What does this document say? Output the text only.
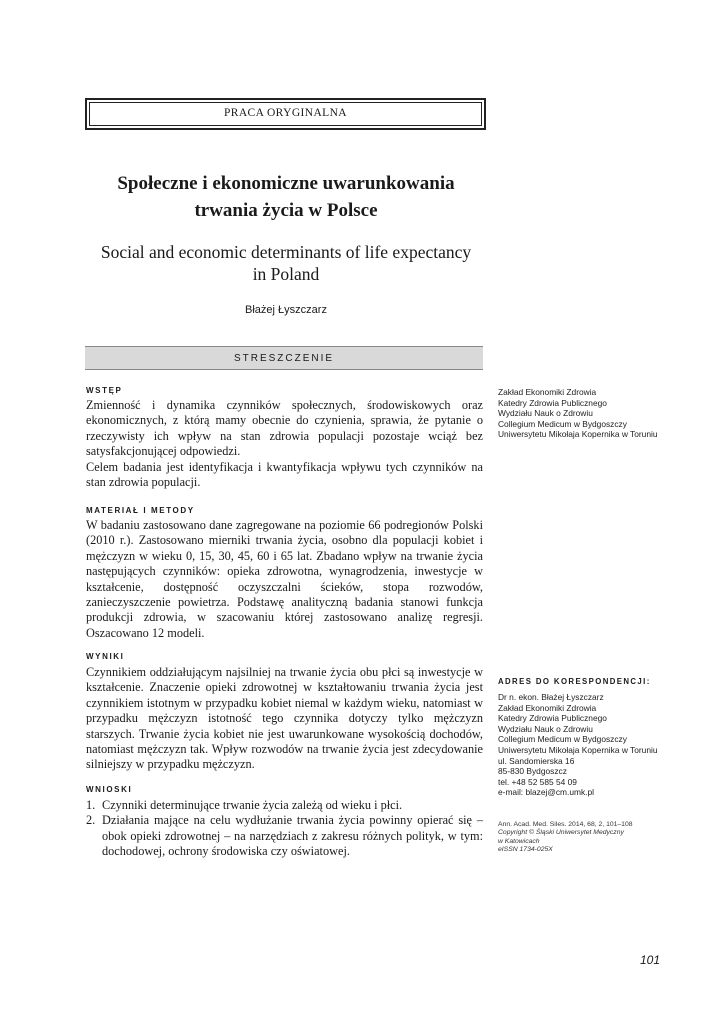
PRACA ORYGINALNA
Społeczne i ekonomiczne uwarunkowania
trwania życia w Polsce
Social and economic determinants of life expectancy
in Poland
Błażej Łyszczarz
STRESZCZENIE
WSTĘP

Zmienność i dynamika czynników społecznych, środowiskowych oraz ekonomicznych, z którą mamy obecnie do czynienia, sprawia, że pytanie o rzeczywisty ich wpływ na stan zdrowia populacji pozostaje wciąż bez satysfakcjonującej odpowiedzi.

Celem badania jest identyfikacja i kwantyfikacja wpływu tych czynników na stan zdrowia populacji.

MATERIAŁ I METODY

W badaniu zastosowano dane zagregowane na poziomie 66 podregionów Polski (2010 r.). Zastosowano mierniki trwania życia, osobno dla populacji kobiet i mężczyzn w wieku 0, 15, 30, 45, 60 i 65 lat. Zbadano wpływ na trwanie życia następujących czynników: opieka zdrowotna, wynagrodzenia, inwestycje w kształcenie, dostępność oczyszczalni ścieków, stopa rozwodów, zanieczyszczenie powietrza. Podstawę analityczną badania stanowi funkcja produkcji zdrowia, w szacowaniu której zastosowano analizę regresji. Oszacowano 12 modeli.

WYNIKI

Czynnikiem oddziałującym najsilniej na trwanie życia obu płci są inwestycje w kształcenie. Znaczenie opieki zdrowotnej w kształtowaniu trwania życia jest czynnikiem istotnym w przypadku kobiet niemal w każdym wieku, natomiast w przypadku mężczyzn istotność tego czynnika dotyczy tylko mężczyzn starszych. Trwanie życia kobiet nie jest uwarunkowane wysokością dochodów, natomiast mężczyzn tak. Wpływ rozwodów na trwanie życia jest zdecydowanie silniejszy w przypadku mężczyzn.

WNIOSKI
1. Czynniki determinujące trwanie życia zależą od wieku i płci.
2. Działania mające na celu wydłużanie trwania życia powinny opierać się – obok opieki zdrowotnej – na narzędziach z zakresu różnych polityk, w tym: dochodowej, ochrony środowiska czy oświatowej.
Zakład Ekonomiki Zdrowia
Katedry Zdrowia Publicznego
Wydziału Nauk o Zdrowiu
Collegium Medicum w Bydgoszczy
Uniwersytetu Mikołaja Kopernika w Toruniu
ADRES DO KORESPONDENCJI:
Dr n. ekon. Błażej Łyszczarz
Zakład Ekonomiki Zdrowia
Katedry Zdrowia Publicznego
Wydziału Nauk o Zdrowiu
Collegium Medicum w Bydgoszczy
Uniwersytetu Mikołaja Kopernika w Toruniu
ul. Sandomierska 16
85-830 Bydgoszcz
tel. +48 52 585 54 09
e-mail: blazej@cm.umk.pl
Ann. Acad. Med. Siles. 2014, 68, 2, 101–108
Copyright © Śląski Uniwersytet Medyczny
w Katowicach
eISSN 1734-025X
101
